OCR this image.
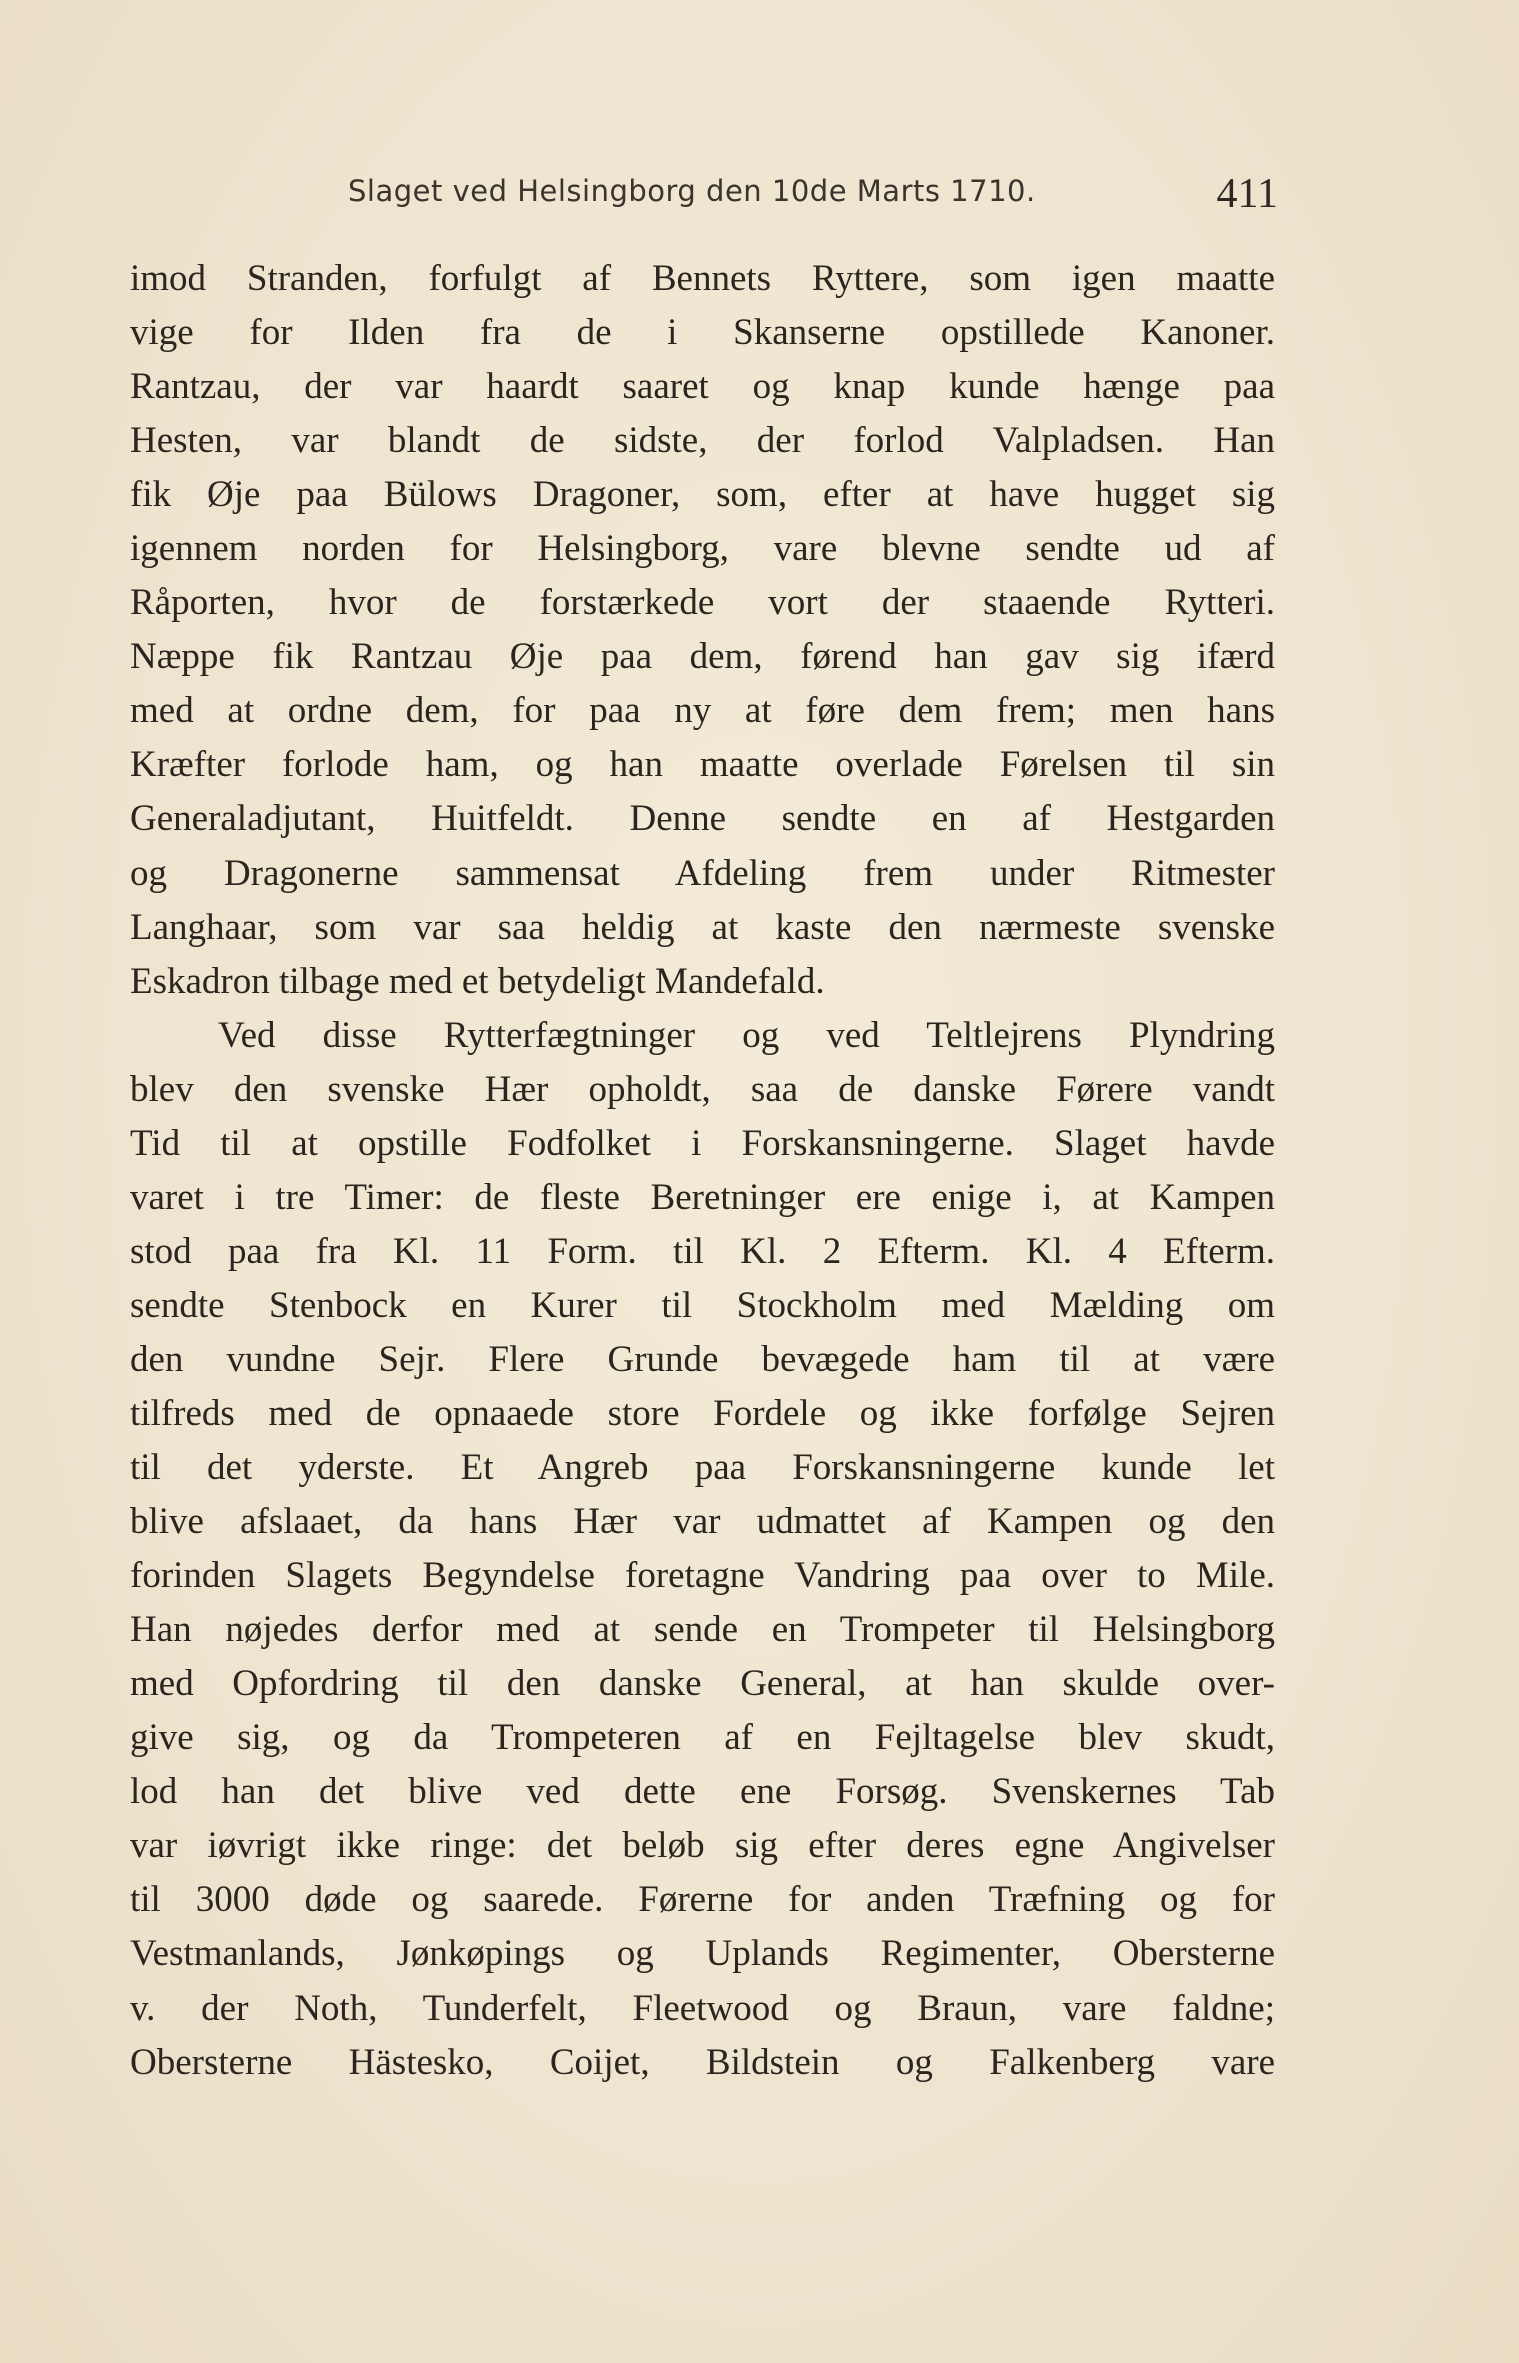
Slaget ved Helsingborg den 10de Marts 1710.	411
imod Stranden, forfulgt af Bennets Ryttere, som igen maatte
vige for Ilden fra de i Skanserne opstillede Kanoner.
Rantzau, der var haardt saaret og knap kunde hænge paa
Hesten, var blandt de sidste, der forlod Valpladsen. Han
fik Øje paa Bülows Dragoner, som, efter at have hugget sig
igennem norden for Helsingborg, vare blevne sendte ud af
Råporten, hvor de forstærkede vort der staaende Rytteri.
Næppe fik Rantzau Øje paa dem, førend han gav sig ifærd
med at ordne dem, for paa ny at føre dem frem; men hans
Kræfter forlode ham, og han maatte overlade Førelsen til sin
Generaladjutant, Huitfeldt. Denne sendte en af Hestgarden
og Dragonerne sammensat Afdeling frem under Ritmester
Langhaar, som var saa heldig at kaste den nærmeste svenske
Eskadron tilbage med et betydeligt Mandefald.
Ved disse Rytterfægtninger og ved Teltlejrens Plyndring
blev den svenske Hær opholdt, saa de danske Førere vandt
Tid til at opstille Fodfolket i Forskansningerne. Slaget havde
varet i tre Timer: de fleste Beretninger ere enige i, at Kampen
stod paa fra Kl. 11 Form. til Kl. 2 Efterm. Kl. 4 Efterm.
sendte Stenbock en Kurer til Stockholm med Mælding om
den vundne Sejr. Flere Grunde bevægede ham til at være
tilfreds med de opnaaede store Fordele og ikke forfølge Sejren
til det yderste. Et Angreb paa Forskansningerne kunde let
blive afslaaet, da hans Hær var udmattet af Kampen og den
forinden Slagets Begyndelse foretagne Vandring paa over to Mile.
Han nøjedes derfor med at sende en Trompeter til Helsingborg
med Opfordring til den danske General, at han skulde over-
give sig, og da Trompeteren af en Fejltagelse blev skudt,
lod han det blive ved dette ene Forsøg. Svenskernes Tab
var iøvrigt ikke ringe: det beløb sig efter deres egne Angivelser
til 3000 døde og saarede. Førerne for anden Træfning og for
Vestmanlands, Jønkøpings og Uplands Regimenter, Obersterne
v. der Noth, Tunderfelt, Fleetwood og Braun, vare faldne;
Obersterne Hästesko, Coijet, Bildstein og Falkenberg vare
